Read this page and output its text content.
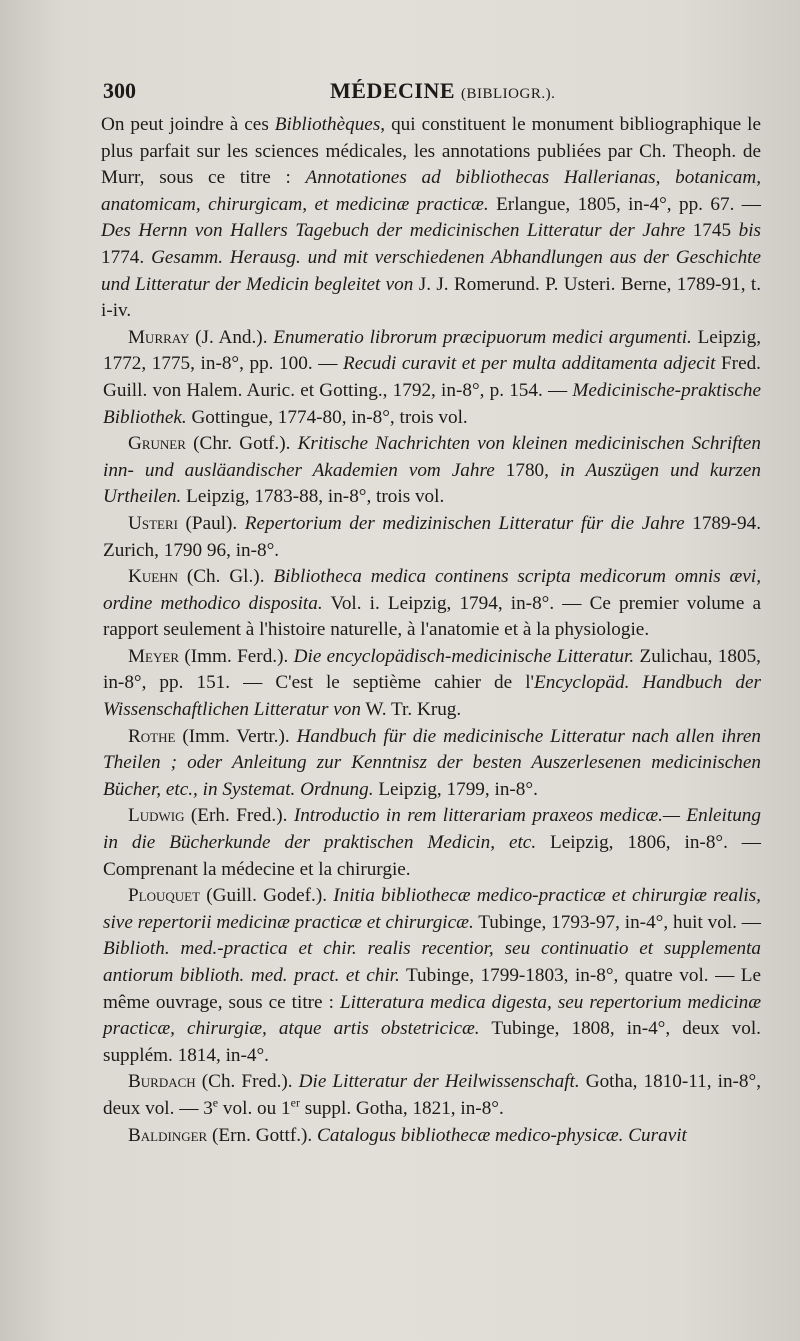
300	MÉDECINE (BIBLIOGR.).

On peut joindre à ces Bibliothèques, qui constituent le monument bibliographique le plus parfait sur les sciences médicales, les annotations publiées par Ch. Theoph. de Murr, sous ce titre : Annotationes ad bibliothecas Hallerianas, botanicam, anatomicam, chirurgicam, et medicinæ practicæ. Erlangue, 1805, in-4°, pp. 67. — Des Hernn von Hallers Tagebuch der medicinischen Litteratur der Jahre 1745 bis 1774. Gesamm. Herausg. und mit verschiedenen Abhandlungen aus der Geschichte und Litteratur der Medicin begleitet von J. J. Romerund. P. Usteri. Berne, 1789-91, t. i-iv.

Murray (J. And.). Enumeratio librorum præcipuorum medici argumenti. Leipzig, 1772, 1775, in-8°, pp. 100. — Recudi curavit et per multa additamenta adjecit Fred. Guill. von Halem. Auric. et Gotting., 1792, in-8°, p. 154. — Medicinische-praktische Bibliothek. Gottingue, 1774-80, in-8°, trois vol.

Gruner (Chr. Gotf.). Kritische Nachrichten von kleinen medicinischen Schriften inn- und ausläandischer Akademien vom Jahre 1780, in Auszügen und kurzen Urtheilen. Leipzig, 1783-88, in-8°, trois vol.

Usteri (Paul). Repertorium der medizinischen Litteratur für die Jahre 1789-94. Zurich, 1790 96, in-8°.

Kuehn (Ch. Gl.). Bibliotheca medica continens scripta medicorum omnis ævi, ordine methodico disposita. Vol. i. Leipzig, 1794, in-8°. — Ce premier volume a rapport seulement à l'histoire naturelle, à l'anatomie et à la physiologie.

Meyer (Imm. Ferd.). Die encyclopädisch-medicinische Litteratur. Zulichau, 1805, in-8°, pp. 151. — C'est le septième cahier de l'Encyclopäd. Handbuch der Wissenschaftlichen Litteratur von W. Tr. Krug.

Rothe (Imm. Vertr.). Handbuch für die medicinische Litteratur nach allen ihren Theilen ; oder Anleitung zur Kenntnisz der besten Auszerlesenen medicinischen Bücher, etc., in Systemat. Ordnung. Leipzig, 1799, in-8°.

Ludwig (Erh. Fred.). Introductio in rem litterariam praxeos medicæ.— Enleitung in die Bücherkunde der praktischen Medicin, etc. Leipzig, 1806, in-8°. — Comprenant la médecine et la chirurgie.

Plouquet (Guill. Godef.). Initia bibliothecæ medico-practicæ et chirurgiæ realis, sive repertorii medicinæ practicæ et chirurgicæ. Tubinge, 1793-97, in-4°, huit vol. — Biblioth. med.-practica et chir. realis recentior, seu continuatio et supplementa antiorum biblioth. med. pract. et chir. Tubinge, 1799-1803, in-8°, quatre vol. — Le même ouvrage, sous ce titre : Litteratura medica digesta, seu repertorium medicinæ practicæ, chirurgiæ, atque artis obstetricicæ. Tubinge, 1808, in-4°, deux vol. supplém. 1814, in-4°.

Burdach (Ch. Fred.). Die Litteratur der Heilwissenschaft. Gotha, 1810-11, in-8°, deux vol. — 3e vol. ou 1er suppl. Gotha, 1821, in-8°.

Baldinger (Ern. Gottf.). Catalogus bibliothecæ medico-physicæ. Curavit
